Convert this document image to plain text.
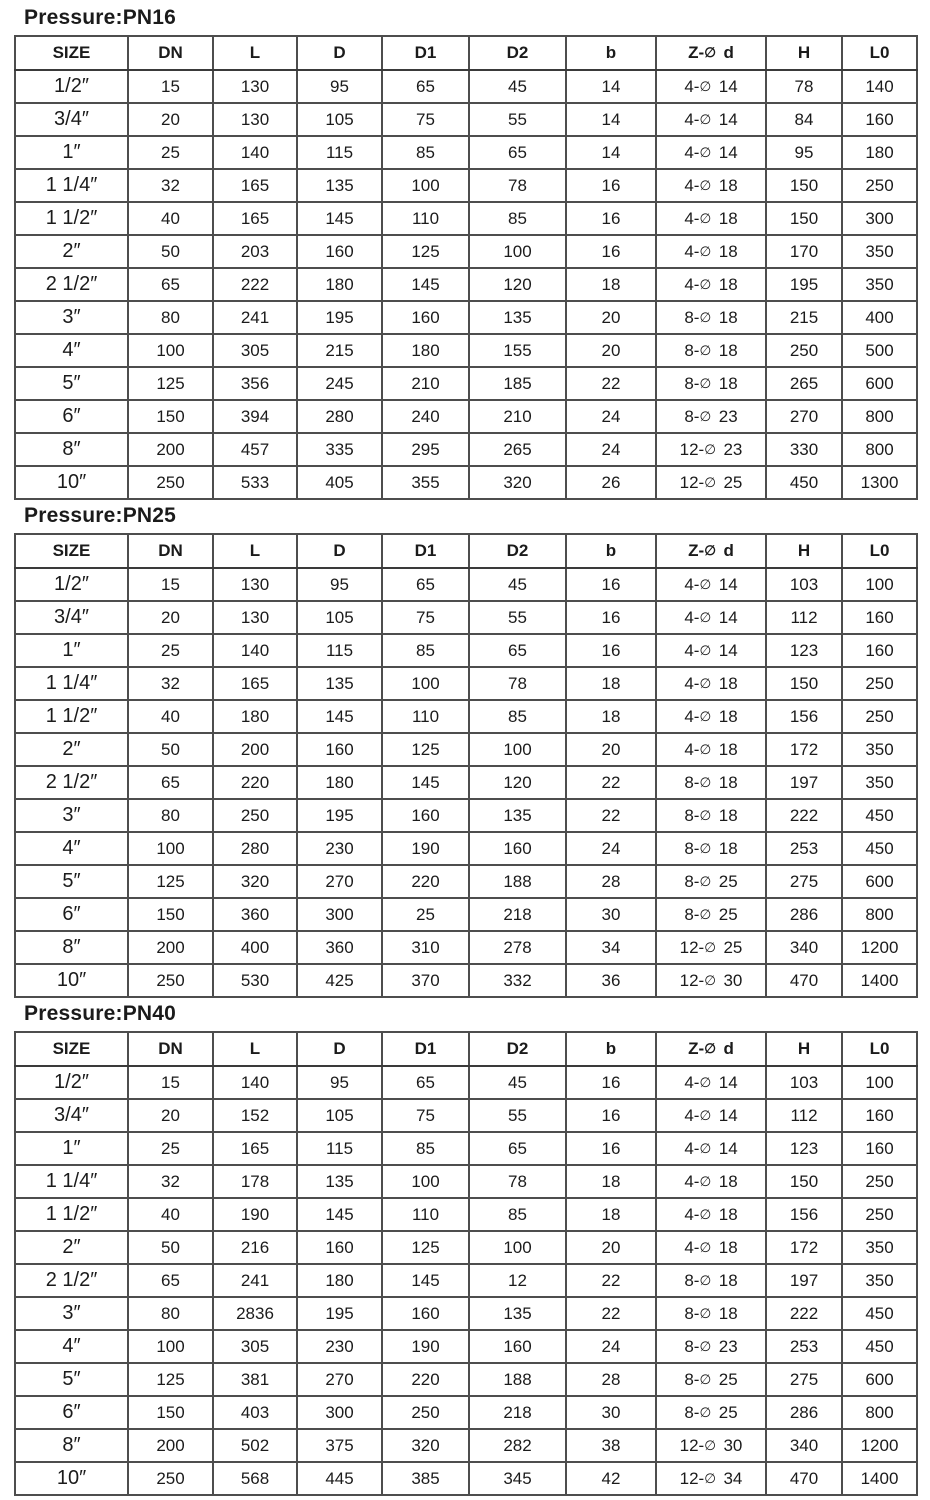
Pressure:PN16
SIZE	DN	L	D	D1	D2	b	Z-∅ d	H	L0
1/2″	15	130	95	65	45	14	4-∅ 14	78	140
3/4″	20	130	105	75	55	14	4-∅ 14	84	160
1″	25	140	115	85	65	14	4-∅ 14	95	180
1 1/4″	32	165	135	100	78	16	4-∅ 18	150	250
1 1/2″	40	165	145	110	85	16	4-∅ 18	150	300
2″	50	203	160	125	100	16	4-∅ 18	170	350
2 1/2″	65	222	180	145	120	18	4-∅ 18	195	350
3″	80	241	195	160	135	20	8-∅ 18	215	400
4″	100	305	215	180	155	20	8-∅ 18	250	500
5″	125	356	245	210	185	22	8-∅ 18	265	600
6″	150	394	280	240	210	24	8-∅ 23	270	800
8″	200	457	335	295	265	24	12-∅ 23	330	800
10″	250	533	405	355	320	26	12-∅ 25	450	1300
Pressure:PN25
SIZE	DN	L	D	D1	D2	b	Z-∅ d	H	L0
1/2″	15	130	95	65	45	16	4-∅ 14	103	100
3/4″	20	130	105	75	55	16	4-∅ 14	112	160
1″	25	140	115	85	65	16	4-∅ 14	123	160
1 1/4″	32	165	135	100	78	18	4-∅ 18	150	250
1 1/2″	40	180	145	110	85	18	4-∅ 18	156	250
2″	50	200	160	125	100	20	4-∅ 18	172	350
2 1/2″	65	220	180	145	120	22	8-∅ 18	197	350
3″	80	250	195	160	135	22	8-∅ 18	222	450
4″	100	280	230	190	160	24	8-∅ 18	253	450
5″	125	320	270	220	188	28	8-∅ 25	275	600
6″	150	360	300	25	218	30	8-∅ 25	286	800
8″	200	400	360	310	278	34	12-∅ 25	340	1200
10″	250	530	425	370	332	36	12-∅ 30	470	1400
Pressure:PN40
SIZE	DN	L	D	D1	D2	b	Z-∅ d	H	L0
1/2″	15	140	95	65	45	16	4-∅ 14	103	100
3/4″	20	152	105	75	55	16	4-∅ 14	112	160
1″	25	165	115	85	65	16	4-∅ 14	123	160
1 1/4″	32	178	135	100	78	18	4-∅ 18	150	250
1 1/2″	40	190	145	110	85	18	4-∅ 18	156	250
2″	50	216	160	125	100	20	4-∅ 18	172	350
2 1/2″	65	241	180	145	12	22	8-∅ 18	197	350
3″	80	2836	195	160	135	22	8-∅ 18	222	450
4″	100	305	230	190	160	24	8-∅ 23	253	450
5″	125	381	270	220	188	28	8-∅ 25	275	600
6″	150	403	300	250	218	30	8-∅ 25	286	800
8″	200	502	375	320	282	38	12-∅ 30	340	1200
10″	250	568	445	385	345	42	12-∅ 34	470	1400
